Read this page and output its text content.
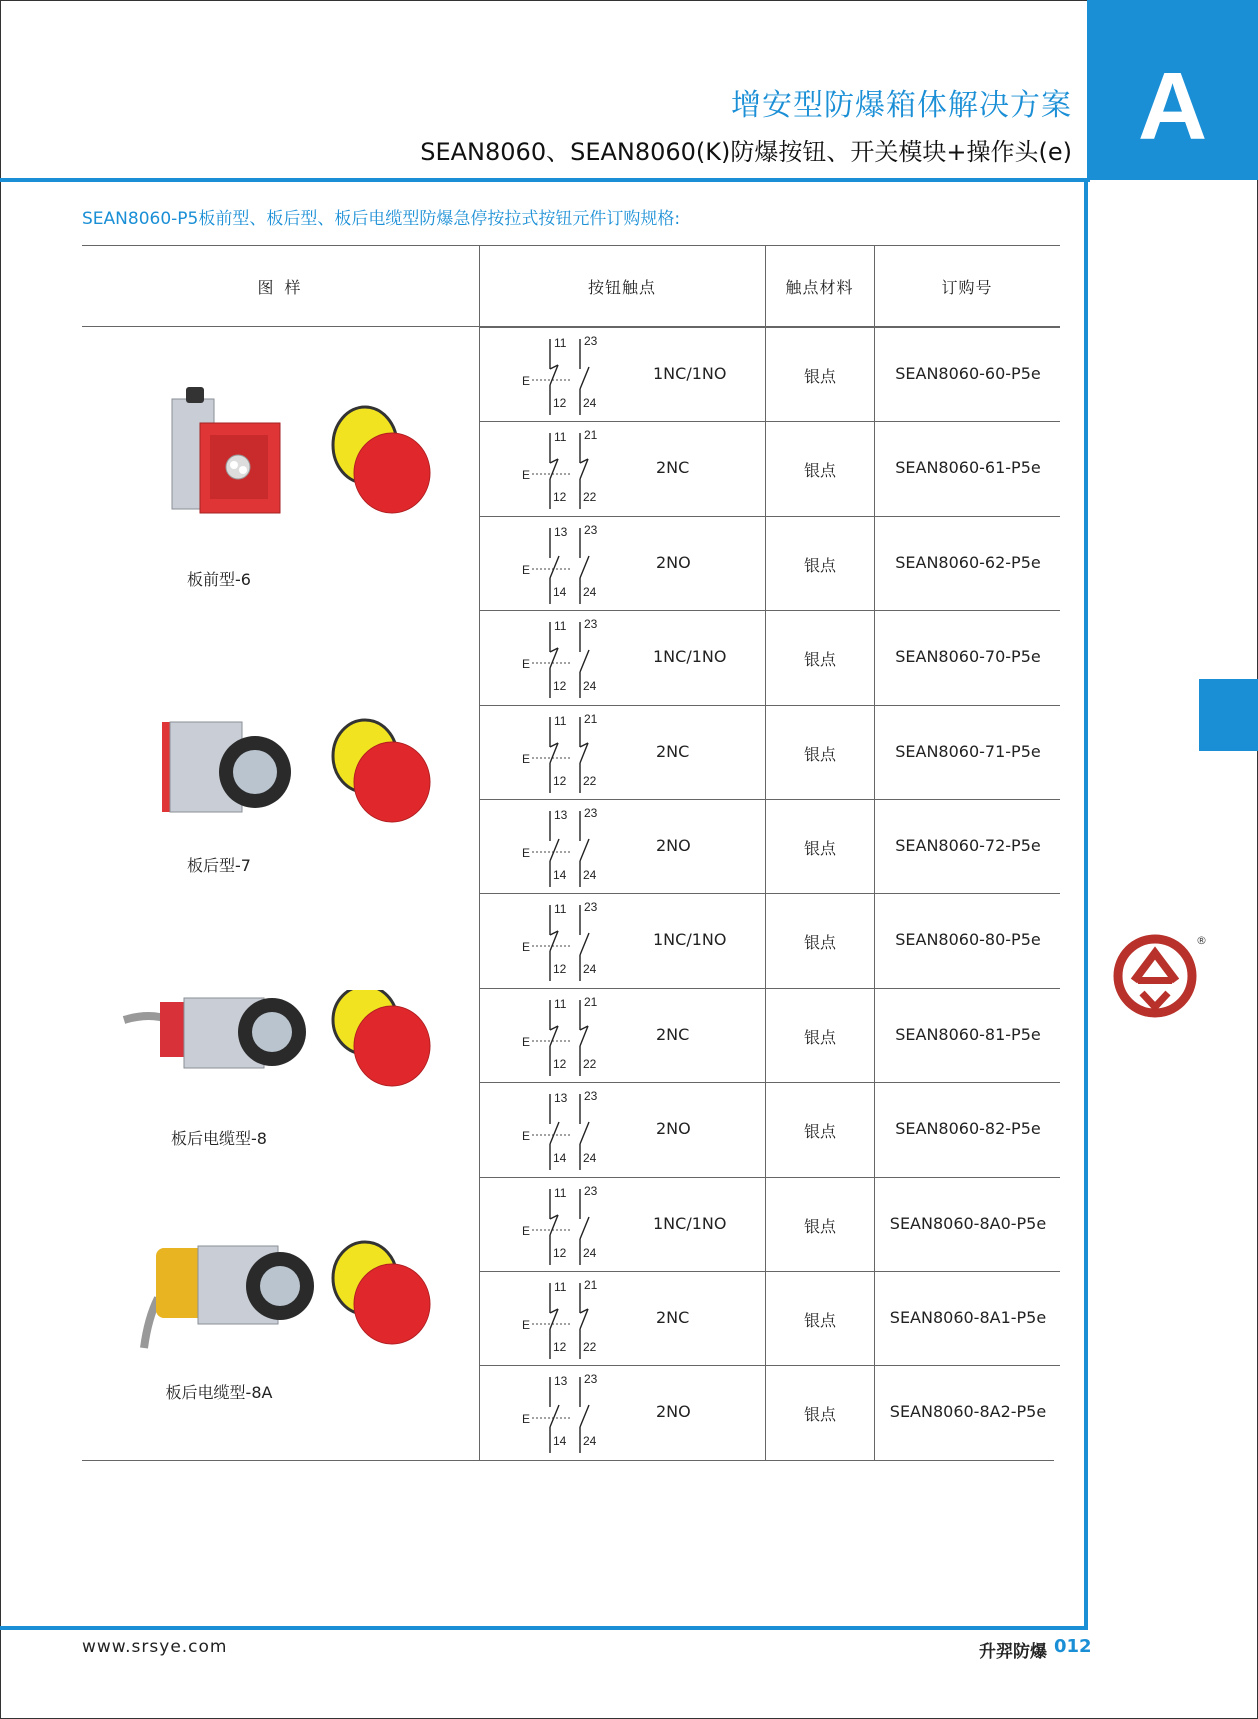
A
增安型防爆箱体解决方案
SEAN8060、SEAN8060(K)防爆按钮、开关模块+操作头(e)
SEAN8060-P5板前型、板后型、板后电缆型防爆急停按拉式按钮元件订购规格:
图 样	按钮触点	触点材料	订购号
E
11 23
12 24
1NC/1NO	银点	SEAN8060-60-P5e
E
11 21
12 22
2NC	银点	SEAN8060-61-P5e
E
13 23
14 24
2NO	银点	SEAN8060-62-P5e
E
11 23
12 24
1NC/1NO	银点	SEAN8060-70-P5e
E
11 21
12 22
2NC	银点	SEAN8060-71-P5e
E
13 23
14 24
2NO	银点	SEAN8060-72-P5e
E
11 23
12 24
1NC/1NO	银点	SEAN8060-80-P5e
E
11 21
12 22
2NC	银点	SEAN8060-81-P5e
E
13 23
14 24
2NO	银点	SEAN8060-82-P5e
E
11 23
12 24
1NC/1NO	银点	SEAN8060-8A0-P5e
E
11 21
12 22
2NC	银点	SEAN8060-8A1-P5e
E
13 23
14 24
2NO	银点	SEAN8060-8A2-P5e
板前型-6
板后型-7
板后电缆型-8
板后电缆型-8A
®
www.srsye.com	升羿防爆 012
